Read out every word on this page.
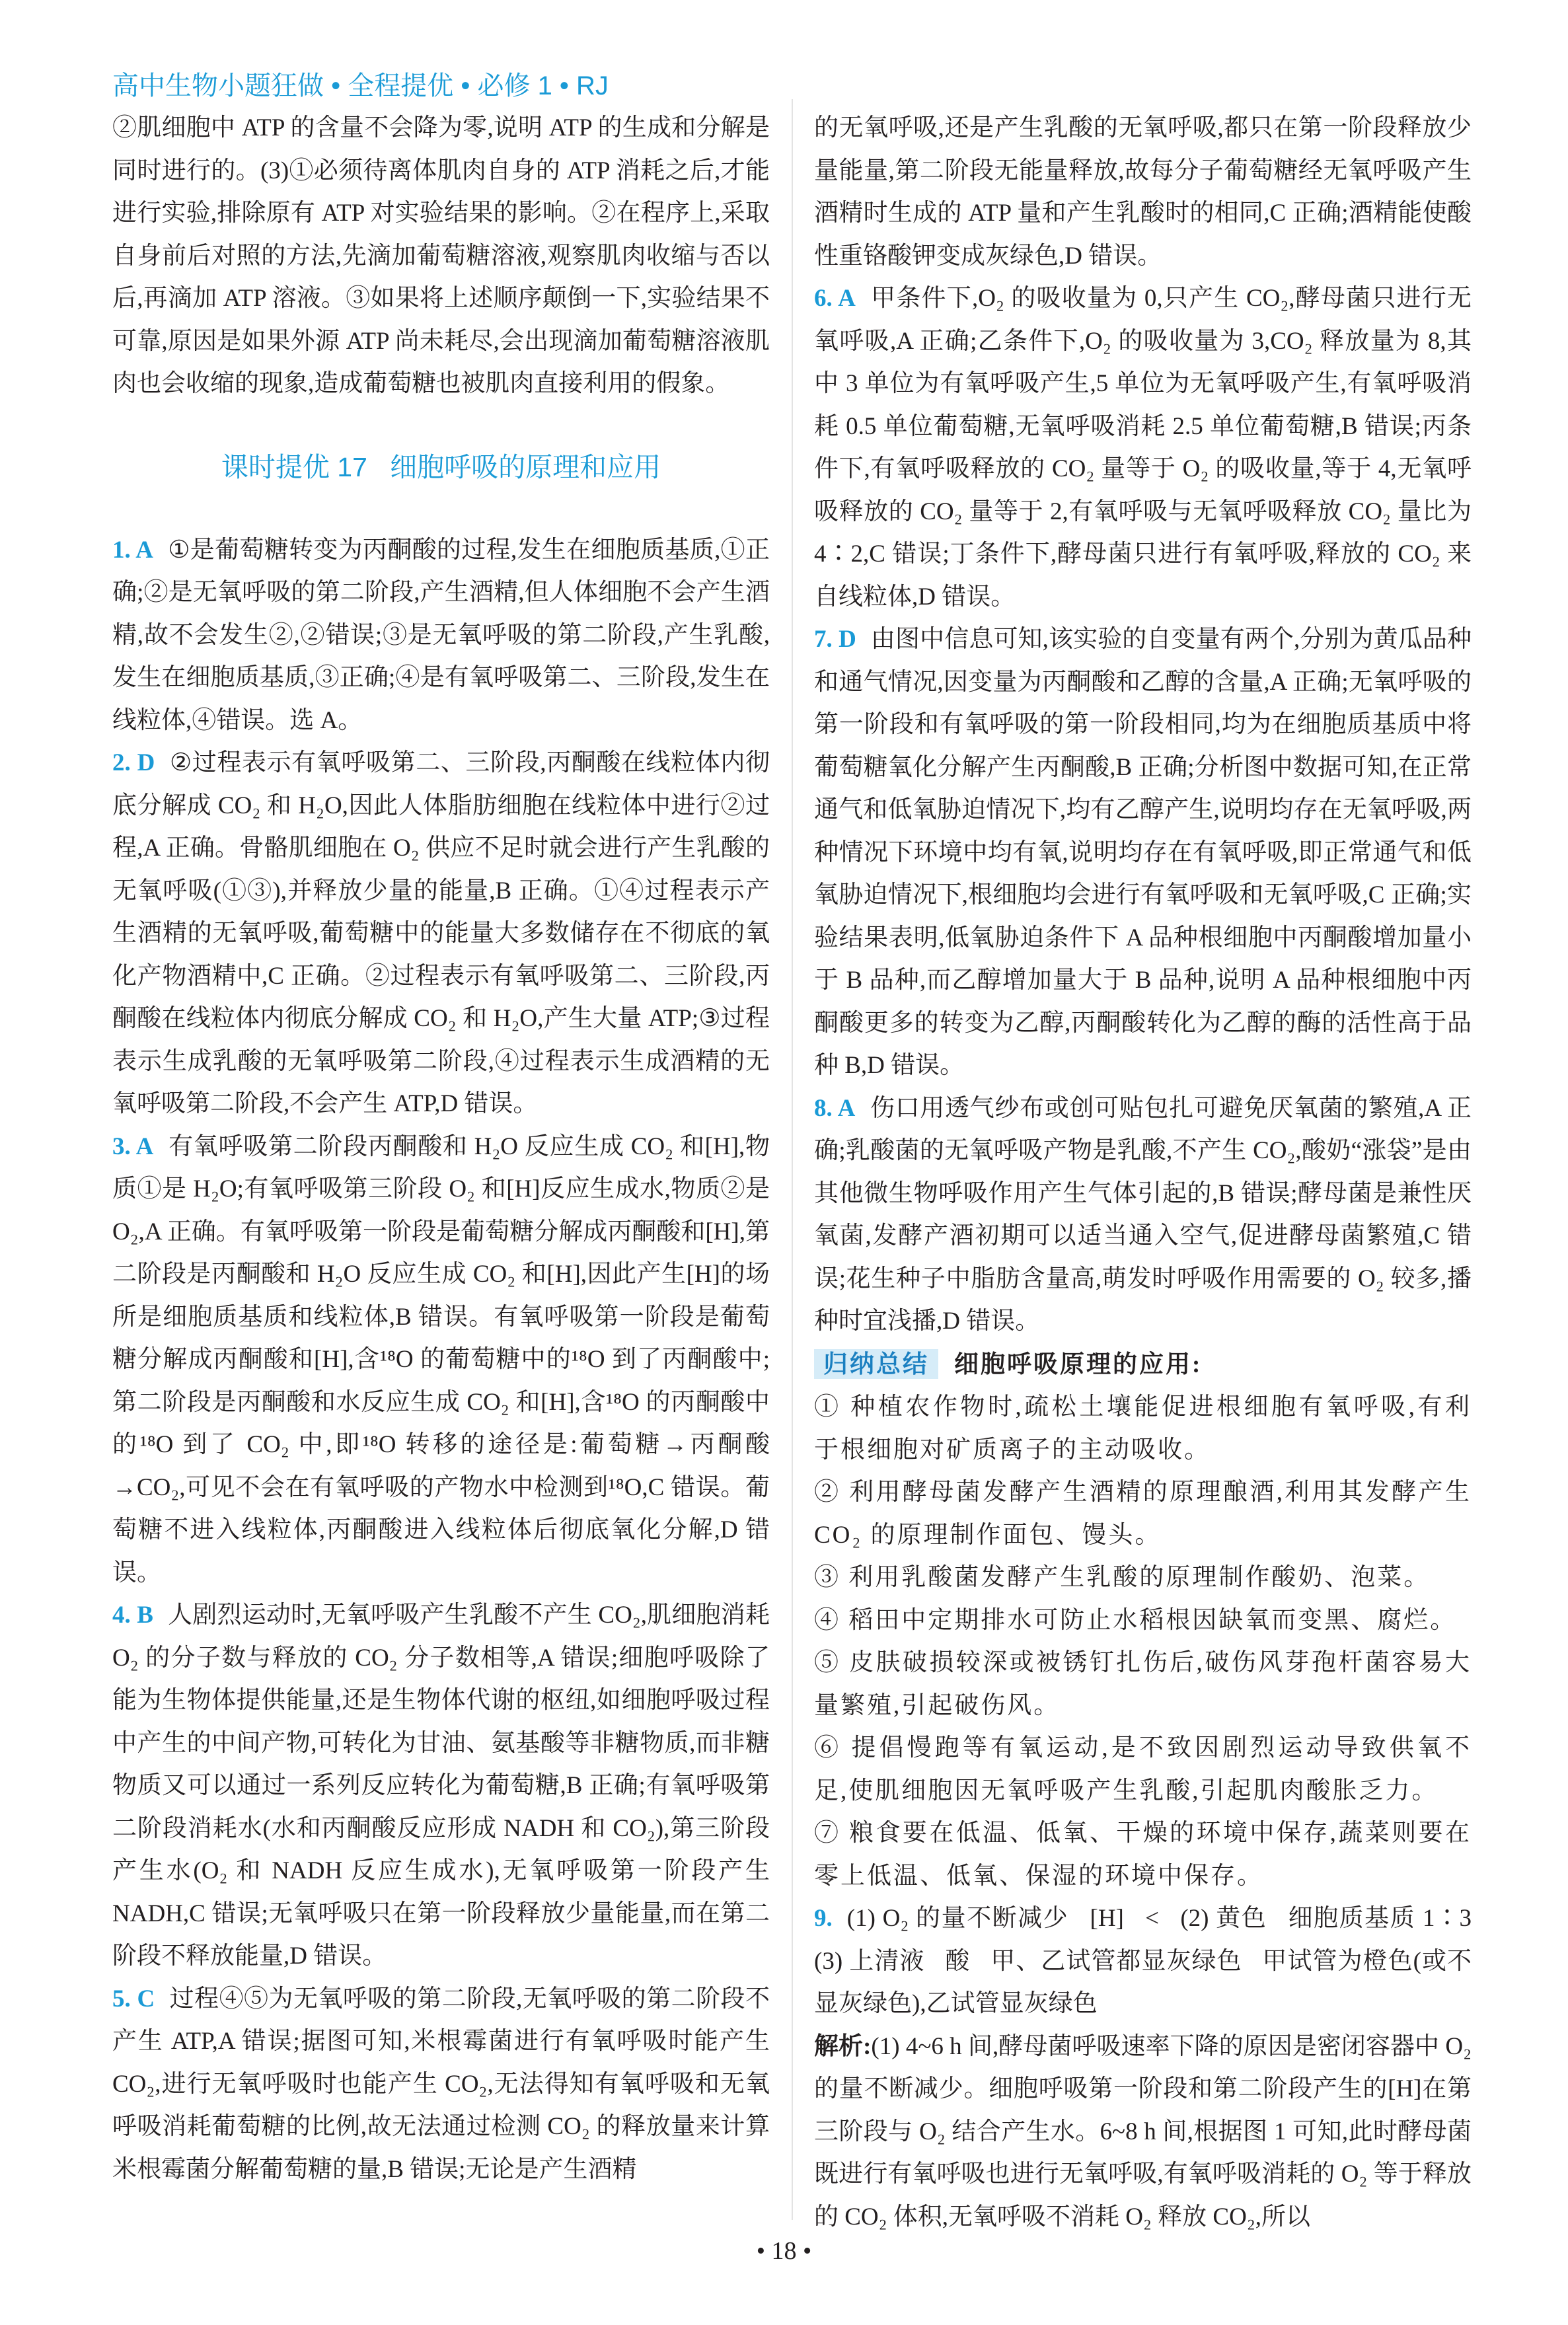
高中生物小题狂做 • 全程提优 • 必修 1 • RJ

②肌细胞中 ATP 的含量不会降为零,说明 ATP 的生成和分解是同时进行的。(3)①必须待离体肌肉自身的 ATP 消耗之后,才能进行实验,排除原有 ATP 对实验结果的影响。②在程序上,采取自身前后对照的方法,先滴加葡萄糖溶液,观察肌肉收缩与否以后,再滴加 ATP 溶液。③如果将上述顺序颠倒一下,实验结果不可靠,原因是如果外源 ATP 尚未耗尽,会出现滴加葡萄糖溶液肌肉也会收缩的现象,造成葡萄糖也被肌肉直接利用的假象。

课时提优 17   细胞呼吸的原理和应用

1. A ①是葡萄糖转变为丙酮酸的过程,发生在细胞质基质,①正确;②是无氧呼吸的第二阶段,产生酒精,但人体细胞不会产生酒精,故不会发生②,②错误;③是无氧呼吸的第二阶段,产生乳酸,发生在细胞质基质,③正确;④是有氧呼吸第二、三阶段,发生在线粒体,④错误。选 A。

2. D ②过程表示有氧呼吸第二、三阶段,丙酮酸在线粒体内彻底分解成 CO₂ 和 H₂O,因此人体脂肪细胞在线粒体中进行②过程,A 正确。骨骼肌细胞在 O₂ 供应不足时就会进行产生乳酸的无氧呼吸(①③),并释放少量的能量,B 正确。①④过程表示产生酒精的无氧呼吸,葡萄糖中的能量大多数储存在不彻底的氧化产物酒精中,C 正确。②过程表示有氧呼吸第二、三阶段,丙酮酸在线粒体内彻底分解成 CO₂ 和 H₂O,产生大量 ATP;③过程表示生成乳酸的无氧呼吸第二阶段,④过程表示生成酒精的无氧呼吸第二阶段,不会产生 ATP,D 错误。

3. A 有氧呼吸第二阶段丙酮酸和 H₂O 反应生成 CO₂ 和[H],物质①是 H₂O;有氧呼吸第三阶段 O₂ 和[H]反应生成水,物质②是 O₂,A 正确。有氧呼吸第一阶段是葡萄糖分解成丙酮酸和[H],第二阶段是丙酮酸和 H₂O 反应生成 CO₂ 和[H],因此产生[H]的场所是细胞质基质和线粒体,B 错误。有氧呼吸第一阶段是葡萄糖分解成丙酮酸和[H],含¹⁸O 的葡萄糖中的¹⁸O 到了丙酮酸中;第二阶段是丙酮酸和水反应生成 CO₂ 和[H],含¹⁸O 的丙酮酸中的¹⁸O 到了 CO₂ 中,即¹⁸O 转移的途径是:葡萄糖→丙酮酸→CO₂,可见不会在有氧呼吸的产物水中检测到¹⁸O,C 错误。葡萄糖不进入线粒体,丙酮酸进入线粒体后彻底氧化分解,D 错误。

4. B 人剧烈运动时,无氧呼吸产生乳酸不产生 CO₂,肌细胞消耗 O₂ 的分子数与释放的 CO₂ 分子数相等,A 错误;细胞呼吸除了能为生物体提供能量,还是生物体代谢的枢纽,如细胞呼吸过程中产生的中间产物,可转化为甘油、氨基酸等非糖物质,而非糖物质又可以通过一系列反应转化为葡萄糖,B 正确;有氧呼吸第二阶段消耗水(水和丙酮酸反应形成 NADH 和 CO₂),第三阶段产生水(O₂ 和 NADH 反应生成水),无氧呼吸第一阶段产生 NADH,C 错误;无氧呼吸只在第一阶段释放少量能量,而在第二阶段不释放能量,D 错误。

5. C 过程④⑤为无氧呼吸的第二阶段,无氧呼吸的第二阶段不产生 ATP,A 错误;据图可知,米根霉菌进行有氧呼吸时能产生 CO₂,进行无氧呼吸时也能产生 CO₂,无法得知有氧呼吸和无氧呼吸消耗葡萄糖的比例,故无法通过检测 CO₂ 的释放量来计算米根霉菌分解葡萄糖的量,B 错误;无论是产生酒精

的无氧呼吸,还是产生乳酸的无氧呼吸,都只在第一阶段释放少量能量,第二阶段无能量释放,故每分子葡萄糖经无氧呼吸产生酒精时生成的 ATP 量和产生乳酸时的相同,C 正确;酒精能使酸性重铬酸钾变成灰绿色,D 错误。

6. A 甲条件下,O₂ 的吸收量为 0,只产生 CO₂,酵母菌只进行无氧呼吸,A 正确;乙条件下,O₂ 的吸收量为 3,CO₂ 释放量为 8,其中 3 单位为有氧呼吸产生,5 单位为无氧呼吸产生,有氧呼吸消耗 0.5 单位葡萄糖,无氧呼吸消耗 2.5 单位葡萄糖,B 错误;丙条件下,有氧呼吸释放的 CO₂ 量等于 O₂ 的吸收量,等于 4,无氧呼吸释放的 CO₂ 量等于 2,有氧呼吸与无氧呼吸释放 CO₂ 量比为 4∶2,C 错误;丁条件下,酵母菌只进行有氧呼吸,释放的 CO₂ 来自线粒体,D 错误。

7. D 由图中信息可知,该实验的自变量有两个,分别为黄瓜品种和通气情况,因变量为丙酮酸和乙醇的含量,A 正确;无氧呼吸的第一阶段和有氧呼吸的第一阶段相同,均为在细胞质基质中将葡萄糖氧化分解产生丙酮酸,B 正确;分析图中数据可知,在正常通气和低氧胁迫情况下,均有乙醇产生,说明均存在无氧呼吸,两种情况下环境中均有氧,说明均存在有氧呼吸,即正常通气和低氧胁迫情况下,根细胞均会进行有氧呼吸和无氧呼吸,C 正确;实验结果表明,低氧胁迫条件下 A 品种根细胞中丙酮酸增加量小于 B 品种,而乙醇增加量大于 B 品种,说明 A 品种根细胞中丙酮酸更多的转变为乙醇,丙酮酸转化为乙醇的酶的活性高于品种 B,D 错误。

8. A 伤口用透气纱布或创可贴包扎可避免厌氧菌的繁殖,A 正确;乳酸菌的无氧呼吸产物是乳酸,不产生 CO₂,酸奶“涨袋”是由其他微生物呼吸作用产生气体引起的,B 错误;酵母菌是兼性厌氧菌,发酵产酒初期可以适当通入空气,促进酵母菌繁殖,C 错误;花生种子中脂肪含量高,萌发时呼吸作用需要的 O₂ 较多,播种时宜浅播,D 错误。

归纳总结 细胞呼吸原理的应用:

① 种植农作物时,疏松土壤能促进根细胞有氧呼吸,有利于根细胞对矿质离子的主动吸收。

② 利用酵母菌发酵产生酒精的原理酿酒,利用其发酵产生 CO₂ 的原理制作面包、馒头。

③ 利用乳酸菌发酵产生乳酸的原理制作酸奶、泡菜。

④ 稻田中定期排水可防止水稻根因缺氧而变黑、腐烂。

⑤ 皮肤破损较深或被锈钉扎伤后,破伤风芽孢杆菌容易大量繁殖,引起破伤风。

⑥ 提倡慢跑等有氧运动,是不致因剧烈运动导致供氧不足,使肌细胞因无氧呼吸产生乳酸,引起肌肉酸胀乏力。

⑦ 粮食要在低温、低氧、干燥的环境中保存,蔬菜则要在零上低温、低氧、保湿的环境中保存。

9. (1) O₂ 的量不断减少   [H]   <   (2) 黄色   细胞质基质 1∶3  (3) 上清液   酸   甲、乙试管都显灰绿色   甲试管为橙色(或不显灰绿色),乙试管显灰绿色

解析:(1) 4~6 h 间,酵母菌呼吸速率下降的原因是密闭容器中 O₂ 的量不断减少。细胞呼吸第一阶段和第二阶段产生的[H]在第三阶段与 O₂ 结合产生水。6~8 h 间,根据图 1 可知,此时酵母菌既进行有氧呼吸也进行无氧呼吸,有氧呼吸消耗的 O₂ 等于释放的 CO₂ 体积,无氧呼吸不消耗 O₂ 释放 CO₂,所以

• 18 •
